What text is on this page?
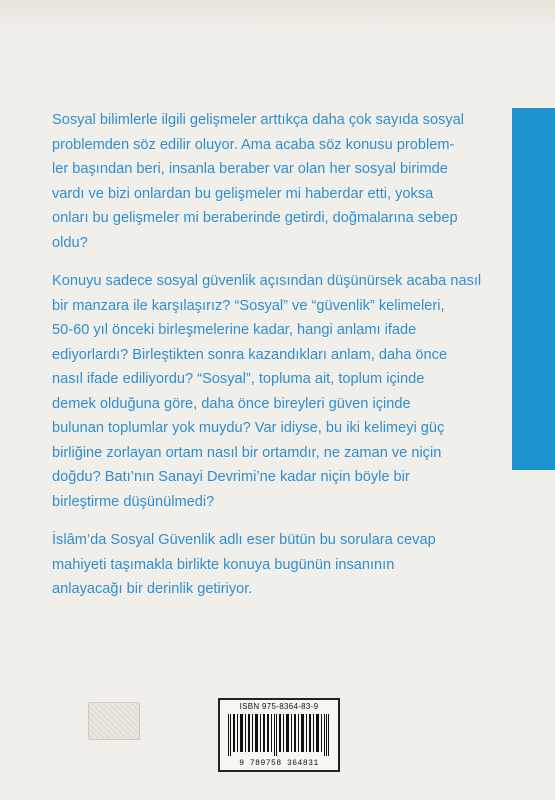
Sosyal bilimlerle ilgili gelişmeler arttıkça daha çok sayıda sosyal
problemden söz edilir oluyor. Ama acaba söz konusu problem-
ler başından beri, insanla beraber var olan her sosyal birimde
vardı ve bizi onlardan bu gelişmeler mi haberdar etti, yoksa
onları bu gelişmeler mi beraberinde getirdi, doğmalarına sebep
oldu?

Konuyu sadece sosyal güvenlik açısından düşünürsek acaba nasıl
bir manzara ile karşılaşırız? “Sosyal” ve “güvenlik” kelimeleri,
50-60 yıl önceki birleşmelerine kadar, hangi anlamı ifade
ediyorlardı? Birleştikten sonra kazandıkları anlam, daha önce
nasıl ifade ediliyordu? “Sosyal”, topluma ait, toplum içinde
demek olduğuna göre, daha önce bireyleri güven içinde
bulunan toplumlar yok muydu? Var idiyse, bu iki kelimeyi güç
birliğine zorlayan ortam nasıl bir ortamdır, ne zaman ve niçin
doğdu? Batı’nın Sanayi Devrimi’ne kadar niçin böyle bir
birleştirme düşünülmedi?

İslâm’da Sosyal Güvenlik adlı eser bütün bu sorulara cevap
mahiyeti taşımakla birlikte konuya bugünün insanının
anlayacağı bir derinlik getiriyor.

ISBN 975-8364-83-9
9 789758 364831
